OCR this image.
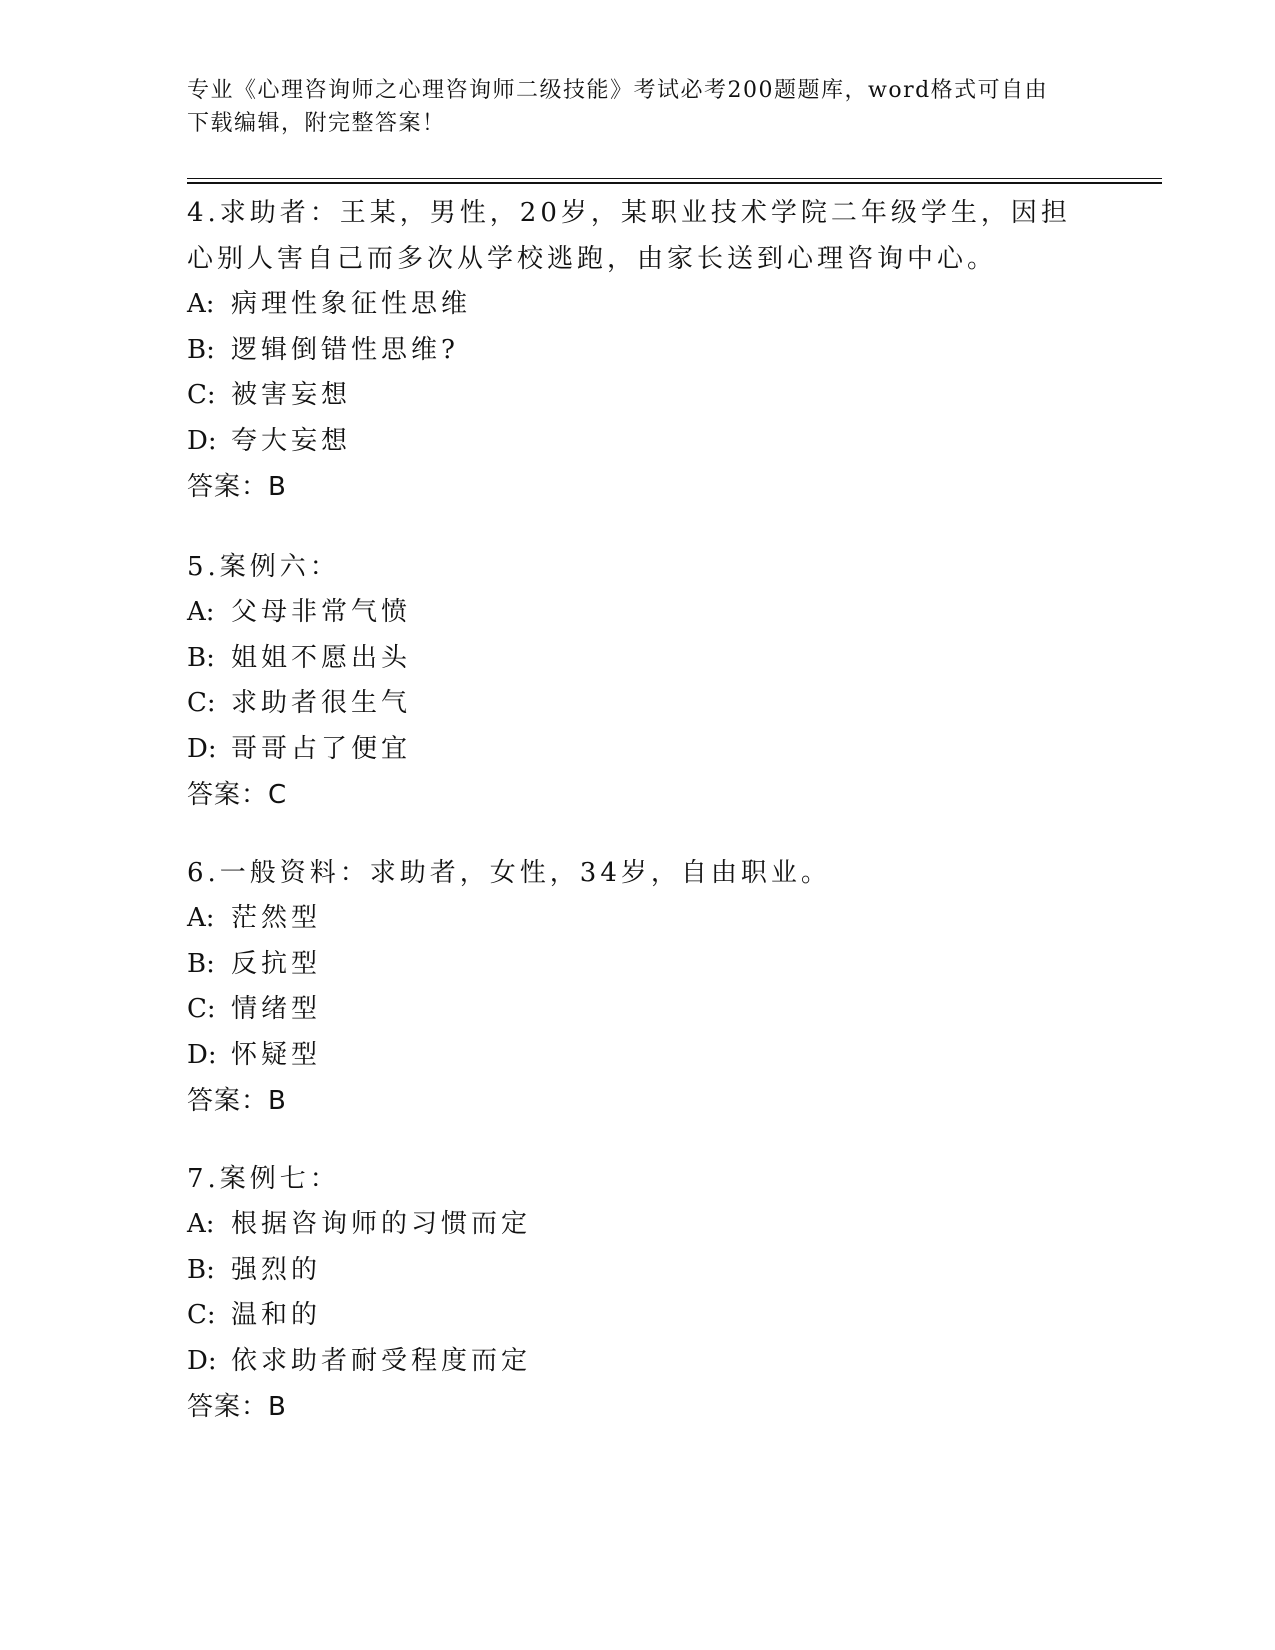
专业《心理咨询师之心理咨询师二级技能》考试必考200题题库，word格式可自由下载编辑，附完整答案！
4.求助者：王某，男性，20岁，某职业技术学院二年级学生，因担心别人害自己而多次从学校逃跑，由家长送到心理咨询中心。
A: 病理性象征性思维
B: 逻辑倒错性思维?
C: 被害妄想
D: 夸大妄想
答案：B
5.案例六：
A: 父母非常气愤
B: 姐姐不愿出头
C: 求助者很生气
D: 哥哥占了便宜
答案：C
6.一般资料：求助者，女性，34岁，自由职业。
A: 茫然型
B: 反抗型
C: 情绪型
D: 怀疑型
答案：B
7.案例七：
A: 根据咨询师的习惯而定
B: 强烈的
C: 温和的
D: 依求助者耐受程度而定
答案：B
